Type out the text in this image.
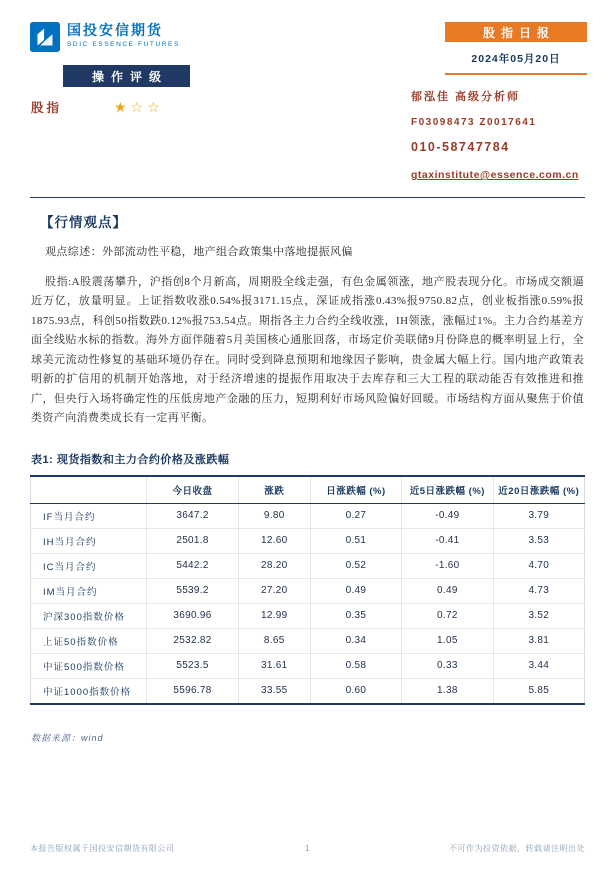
国投安信期货
SDIC ESSENCE FUTURES
操作评级
股指	★☆☆
股指日报
2024年05月20日
郁泓佳 高级分析师
F03098473 Z0017641
010-58747784
gtaxinstitute@essence.com.cn
【行情观点】

观点综述：外部流动性平稳，地产组合政策集中落地提振风偏

股指:A股震荡攀升，沪指创8个月新高，周期股全线走强，有色金属领涨，地产股表现分化。市场成交额逼近万亿，放量明显。上证指数收涨0.54%报3171.15点，深证成指涨0.43%报9750.82点，创业板指涨0.59%报1875.93点，科创50指数跌0.12%报753.54点。期指各主力合约全线收涨，IH领涨，涨幅过1%。主力合约基差方面全线贴水标的指数。海外方面伴随着5月美国核心通胀回落，市场定价美联储9月份降息的概率明显上行，全球美元流动性修复的基础环境仍存在。同时受到降息预期和地缘因子影响，贵金属大幅上行。国内地产政策表明新的扩信用的机制开始落地，对于经济增速的提振作用取决于去库存和三大工程的联动能否有效推进和推广，但央行入场将确定性的压低房地产金融的压力，短期利好市场风险偏好回暖。市场结构方面从聚焦于价值类资产向消费类成长有一定再平衡。

表1: 现货指数和主力合约价格及涨跌幅
	今日收盘	涨跌	日涨跌幅 (%)	近5日涨跌幅 (%)	近20日涨跌幅 (%)
IF当月合约	3647.2	9.80	0.27	-0.49	3.79
IH当月合约	2501.8	12.60	0.51	-0.41	3.53
IC当月合约	5442.2	28.20	0.52	-1.60	4.70
IM当月合约	5539.2	27.20	0.49	0.49	4.73
沪深300指数价格	3690.96	12.99	0.35	0.72	3.52
上证50指数价格	2532.82	8.65	0.34	1.05	3.81
中证500指数价格	5523.5	31.61	0.58	0.33	3.44
中证1000指数价格	5596.78	33.55	0.60	1.38	5.85
数据来源：wind
本报告版权属于国投安信期货有限公司	1	不可作为投资依据，转载请注明出处
